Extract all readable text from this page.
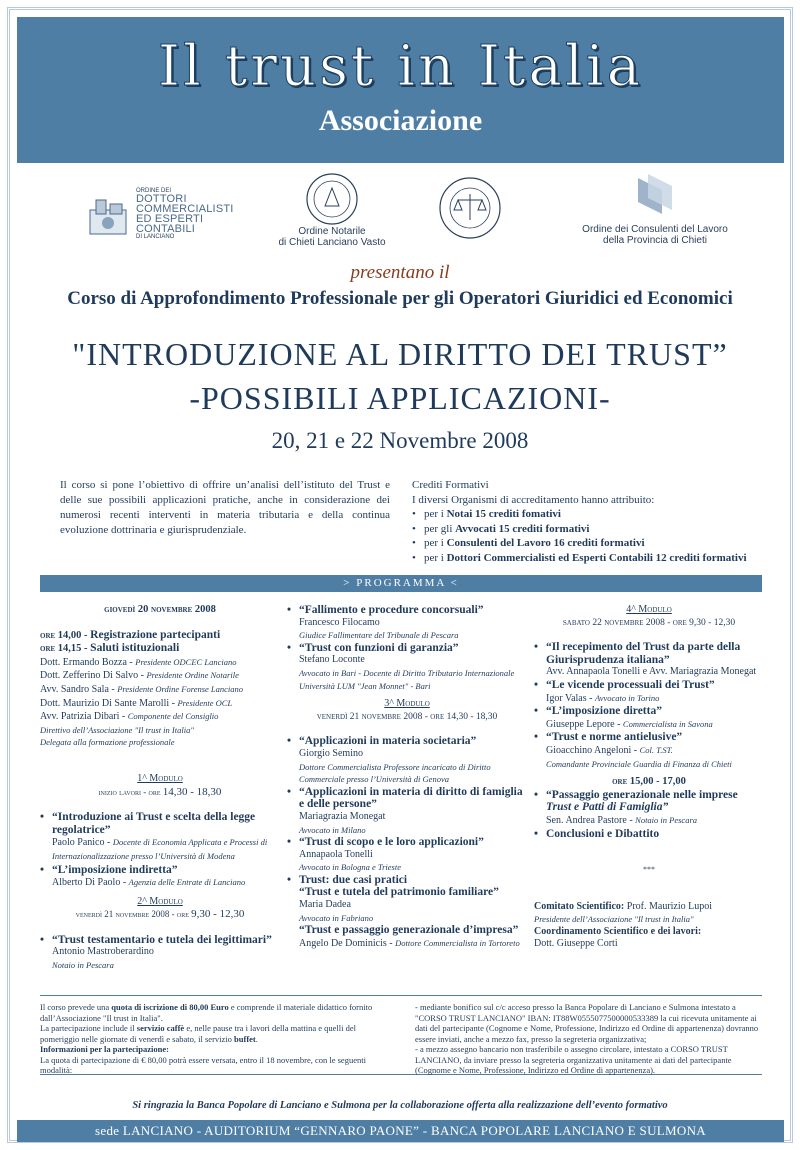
Il trust in Italia
Associazione
ORDINE DEI
DOTTORI
COMMERCIALISTI
ED ESPERTI
CONTABILI
DI LANCIANO	Ordine Notarile
di Chieti Lanciano Vasto
Ordine dei Consulenti del Lavoro
della Provincia di Chieti
presentano il
Corso di Approfondimento Professionale per gli Operatori Giuridici ed Economici
"INTRODUZIONE AL DIRITTO DEI TRUST”
-POSSIBILI APPLICAZIONI-
20, 21 e 22 Novembre 2008
Il corso si pone l’obiettivo di offrire un’analisi dell’istituto del Trust e delle sue possibili applicazioni pratiche, anche in considerazione dei numerosi recenti interventi in materia tributaria e della continua evoluzione dottrinaria e giurisprudenziale.
Crediti Formativi
I diversi Organismi di accreditamento hanno attribuito:
• per i Notai 15 crediti fomativi
• per gli Avvocati 15 crediti formativi
• per i Consulenti del Lavoro 16 crediti formativi
• per i Dottori Commercialisti ed Esperti Contabili 12 crediti formativi
> PROGRAMMA <
giovedì 20 novembre 2008
ore 14,00 - Registrazione partecipanti
ore 14,15 - Saluti istituzionali
Dott. Ermando Bozza - Presidente ODCEC Lanciano
Dott. Zefferino Di Salvo - Presidente Ordine Notarile
Avv. Sandro Sala - Presidente Ordine Forense Lanciano
Dott. Maurizio Di Sante Marolli - Presidente OCL
Avv. Patrizia Dibari - Componente del Consiglio
Direttivo dell’Associazione "Il trust in Italia"
Delegata alla formazione professionale
1^ Modulo
inizio lavori - ore 14,30 - 18,30
• “Introduzione ai Trust e scelta della legge regolatrice”
Paolo Panico - Docente di Economia Applicata e Processi di Internazionalizzazione presso l’Università di Modena
• “L’imposizione indiretta”
Alberto Di Paolo - Agenzia delle Entrate di Lanciano
2^ Modulo
venerdì 21 novembre 2008 - ore 9,30 - 12,30
• “Trust testamentario e tutela dei legittimari”
Antonio Mastroberardino
Notaio in Pescara
• “Fallimento e procedure concorsuali”
Francesco Filocamo
Giudice Fallimentare del Tribunale di Pescara
• “Trust con funzioni di garanzia”
Stefano Loconte
Avvocato in Bari - Docente di Diritto Tributario Internazionale Università LUM "Jean Monnet" - Bari
3^ Modulo
venerdì 21 novembre 2008 - ore 14,30 - 18,30
• “Applicazioni in materia societaria”
Giorgio Semino
Dottore Commercialista Professore incaricato di Diritto Commerciale presso l’Università di Genova
• “Applicazioni in materia di diritto di famiglia e delle persone”
Mariagrazia Monegat
Avvocato in Milano
• “Trust di scopo e le loro applicazioni”
Annapaola Tonelli
Avvocato in Bologna e Trieste
• Trust: due casi pratici
“Trust e tutela del patrimonio familiare”
Maria Dadea
Avvocato in Fabriano
“Trust e passaggio generazionale d’impresa”
Angelo De Dominicis - Dottore Commercialista in Tortoreto
4^ Modulo
sabato 22 novembre 2008 - ore 9,30 - 12,30
• “Il recepimento del Trust da parte della Giurisprudenza italiana”
Avv. Annapaola Tonelli e Avv. Mariagrazia Monegat
• “Le vicende processuali dei Trust”
Igor Valas - Avvocato in Torino
• “L’imposizione diretta”
Giuseppe Lepore - Commercialista in Savona
• “Trust e norme antielusive”
Gioacchino Angeloni - Col. T.ST.
Comandante Provinciale Guardia di Finanza di Chieti
ore 15,00 - 17,00
• “Passaggio generazionale nelle imprese
Trust e Patti di Famiglia”
Sen. Andrea Pastore - Notaio in Pescara
• Conclusioni e Dibattito
***
Comitato Scientifico: Prof. Maurizio Lupoi
Presidente dell’Associazione "Il trust in Italia"
Coordinamento Scientifico e dei lavori:
Dott. Giuseppe Corti
Il corso prevede una quota di iscrizione di 80,00 Euro e comprende il materiale didattico fornito dall’Associazione "Il trust in Italia".
La partecipazione include il servizio caffè e, nelle pause tra i lavori della mattina e quelli del pomeriggio nelle giornate di venerdì e sabato, il servizio buffet.
Informazioni per la partecipazione:
La quota di partecipazione di € 80,00 potrà essere versata, entro il 18 novembre, con le seguenti modalità:
- mediante bonifico sul c/c acceso presso la Banca Popolare di Lanciano e Sulmona intestato a "CORSO TRUST LANCIANO" IBAN: IT88W0555077500000533389 la cui ricevuta unitamente ai dati del partecipante (Cognome e Nome, Professione, Indirizzo ed Ordine di appartenenza) dovranno essere inviati, anche a mezzo fax, presso la segreteria organizzativa;
- a mezzo assegno bancario non trasferibile o assegno circolare, intestato a CORSO TRUST LANCIANO, da inviare presso la segreteria organizzativa unitamente ai dati del partecipante (Cognome e Nome, Professione, Indirizzo ed Ordine di appartenenza).
Si ringrazia la Banca Popolare di Lanciano e Sulmona per la collaborazione offerta alla realizzazione dell’evento formativo
sede LANCIANO - AUDITORIUM “GENNARO PAONE” - BANCA POPOLARE LANCIANO E SULMONA
